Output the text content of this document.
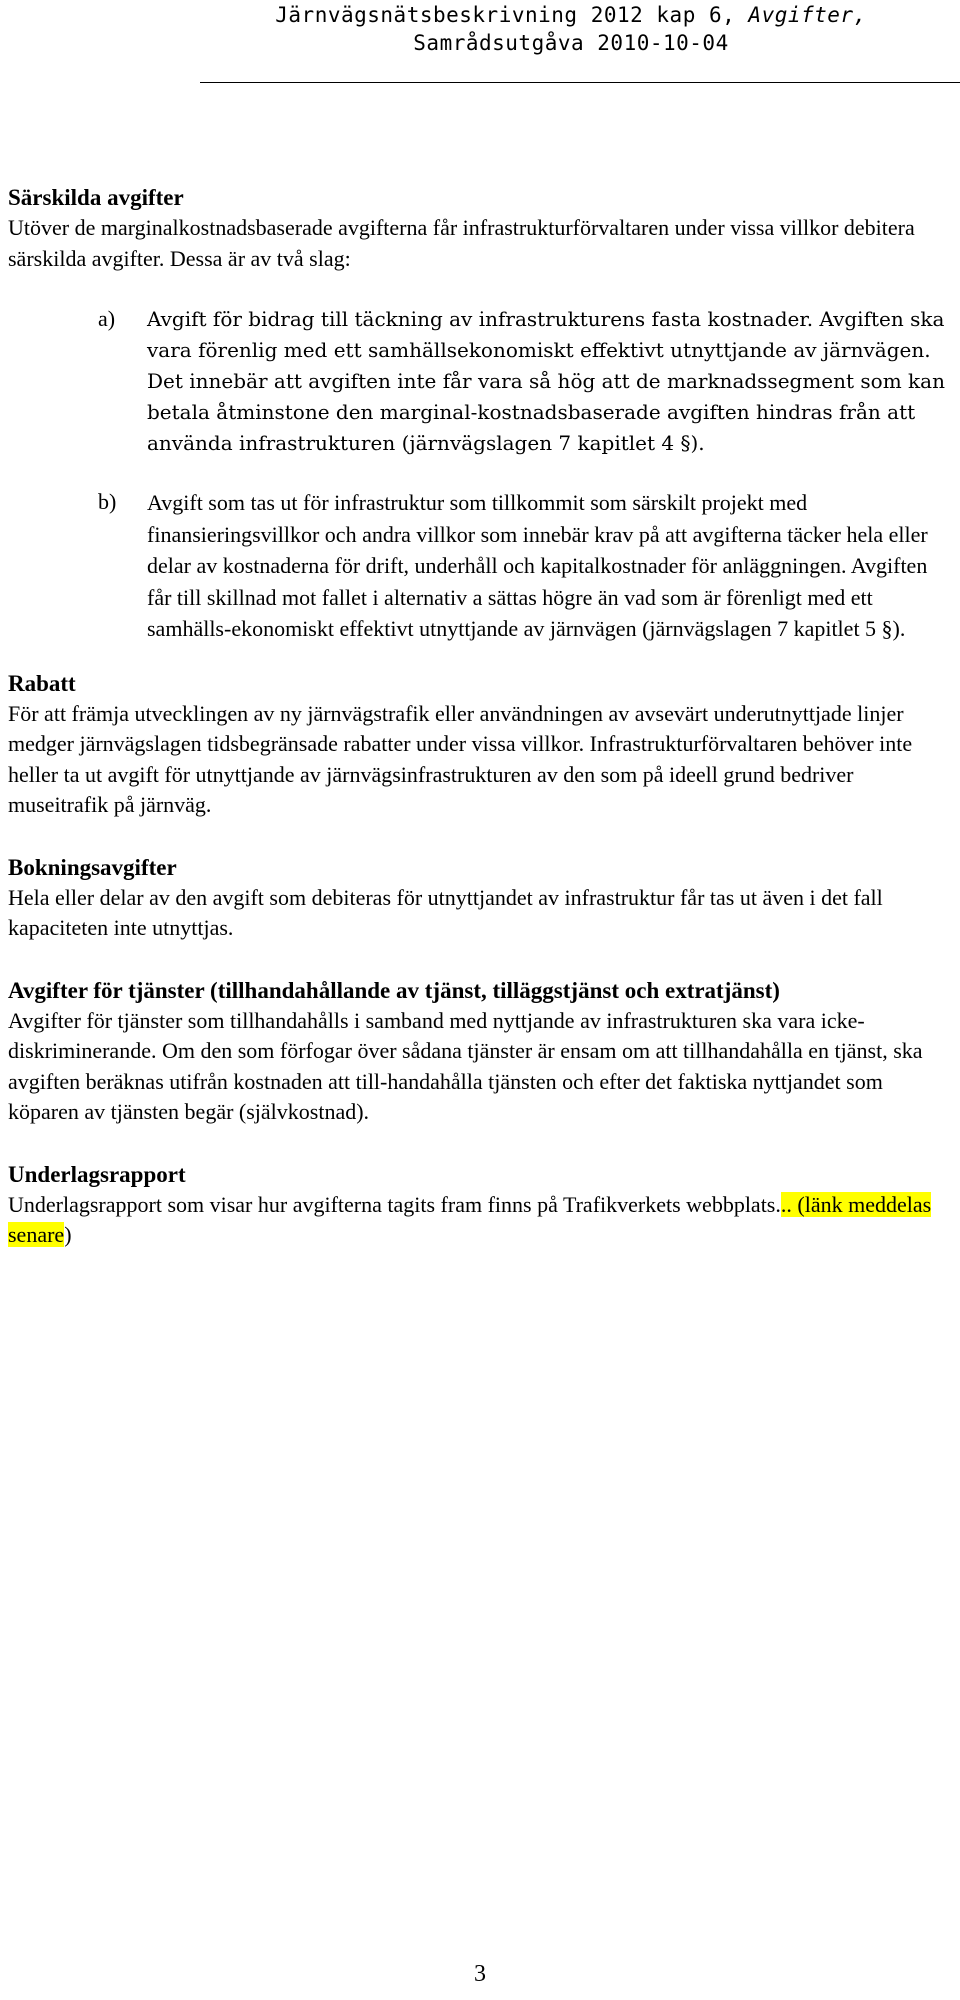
Järnvägsnätsbeskrivning 2012 kap 6, Avgifter,
Samrådsutgåva 2010-10-04
Särskilda avgifter

Utöver de marginalkostnadsbaserade avgifterna får infrastrukturförvaltaren under vissa villkor debitera särskilda avgifter. Dessa är av två slag:

a) Avgift för bidrag till täckning av infrastrukturens fasta kostnader. Avgiften ska vara förenlig med ett samhällsekonomiskt effektivt utnyttjande av järnvägen. Det innebär att avgiften inte får vara så hög att de marknadssegment som kan betala åtminstone den marginal-kostnadsbaserade avgiften hindras från att använda infrastrukturen (järnvägslagen 7 kapitlet 4 §).
b) Avgift som tas ut för infrastruktur som tillkommit som särskilt projekt med finansieringsvillkor och andra villkor som innebär krav på att avgifterna täcker hela eller delar av kostnaderna för drift, underhåll och kapitalkostnader för anläggningen. Avgiften får till skillnad mot fallet i alternativ a sättas högre än vad som är förenligt med ett samhälls-ekonomiskt effektivt utnyttjande av järnvägen (järnvägslagen 7 kapitlet 5 §).
Rabatt

För att främja utvecklingen av ny järnvägstrafik eller användningen av avsevärt underutnyttjade linjer medger järnvägslagen tidsbegränsade rabatter under vissa villkor. Infrastrukturförvaltaren behöver inte heller ta ut avgift för utnyttjande av järnvägsinfrastrukturen av den som på ideell grund bedriver museitrafik på järnväg.

Bokningsavgifter

Hela eller delar av den avgift som debiteras för utnyttjandet av infrastruktur får tas ut även i det fall kapaciteten inte utnyttjas.

Avgifter för tjänster (tillhandahållande av tjänst, tilläggstjänst och extratjänst)

Avgifter för tjänster som tillhandahålls i samband med nyttjande av infrastrukturen ska vara icke-diskriminerande. Om den som förfogar över sådana tjänster är ensam om att tillhandahålla en tjänst, ska avgiften beräknas utifrån kostnaden att till-handahålla tjänsten och efter det faktiska nyttjandet som köparen av tjänsten begär (självkostnad).

Underlagsrapport

Underlagsrapport som visar hur avgifterna tagits fram finns på Trafikverkets webbplats... (länk meddelas senare)

3
